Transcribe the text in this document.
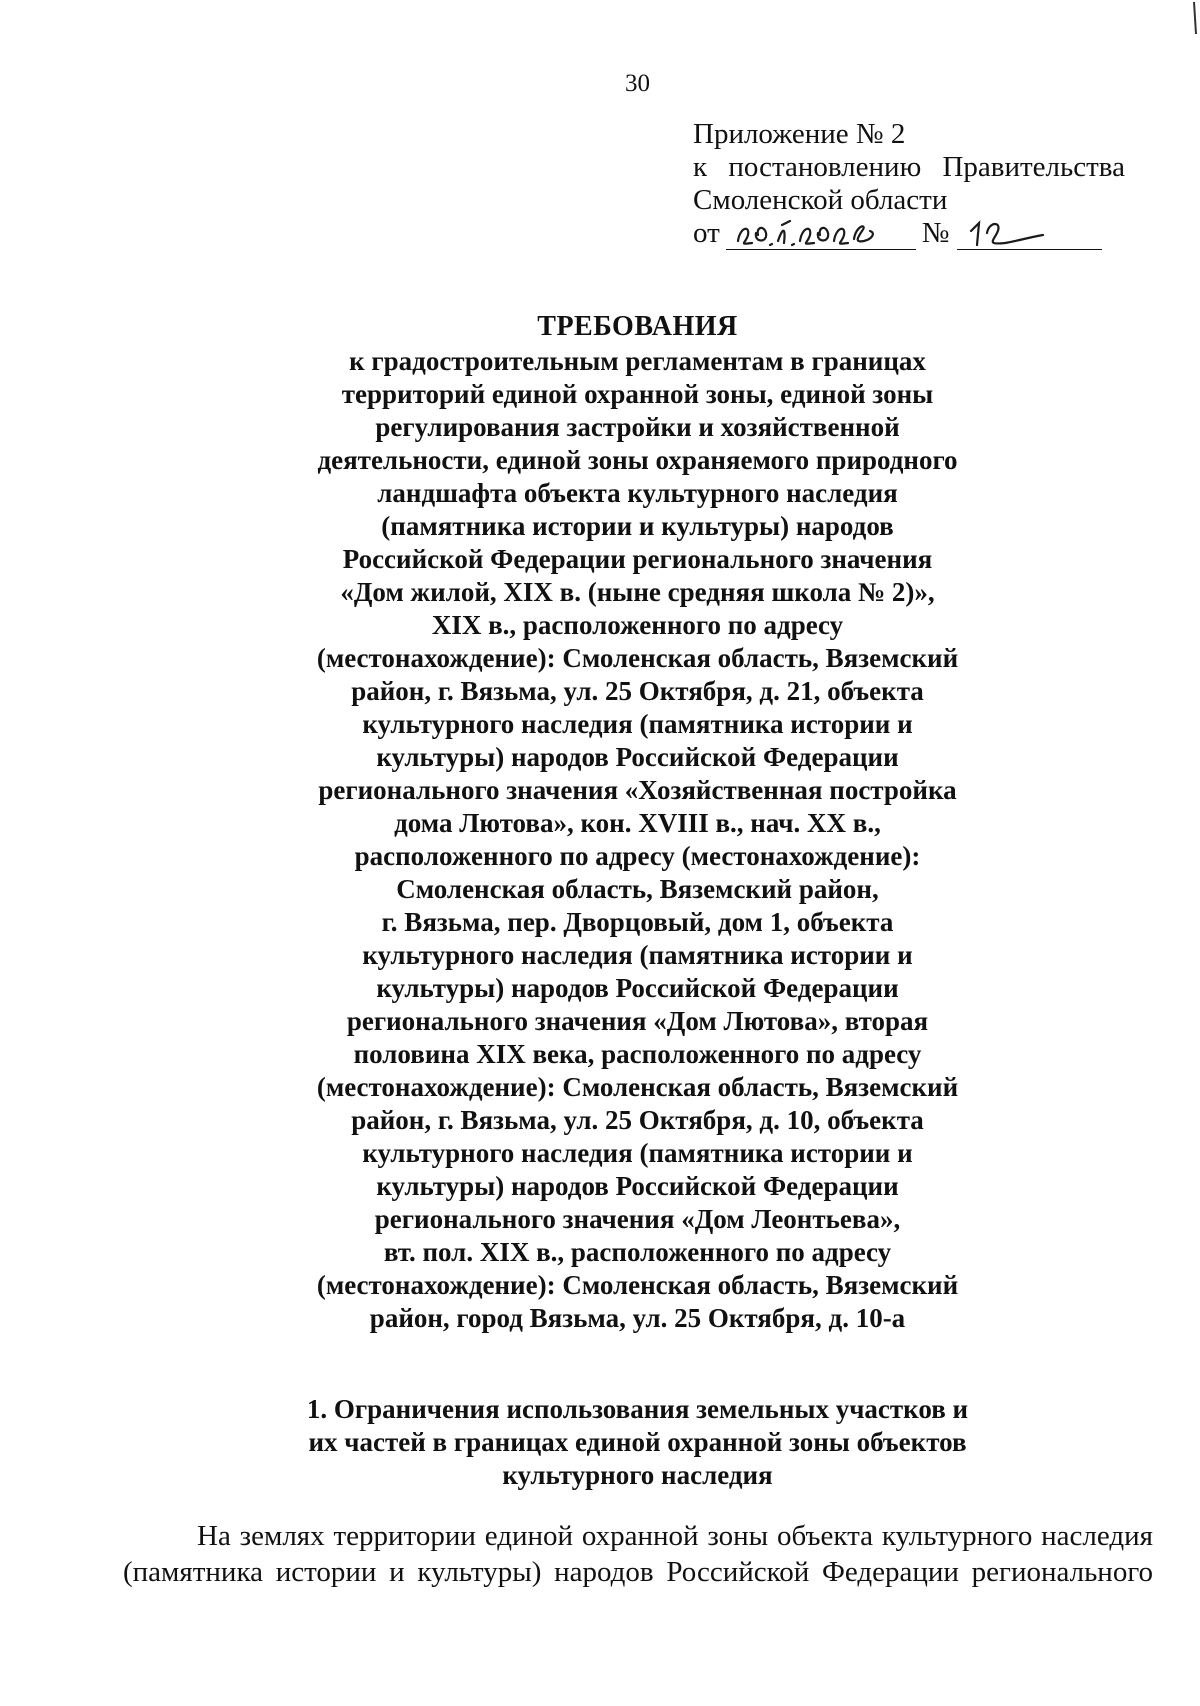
30
Приложение № 2
к постановлению Правительства
Смоленской области
от	№
ТРЕБОВАНИЯ
к градостроительным регламентам в границах
территорий единой охранной зоны, единой зоны
регулирования застройки и хозяйственной
деятельности, единой зоны охраняемого природного
ландшафта объекта культурного наследия
(памятника истории и культуры) народов
Российской Федерации регионального значения
«Дом жилой, XIX в. (ныне средняя школа № 2)»,
XIX в., расположенного по адресу
(местонахождение): Смоленская область, Вяземский
район, г. Вязьма, ул. 25 Октября, д. 21, объекта
культурного наследия (памятника истории и
культуры) народов Российской Федерации
регионального значения «Хозяйственная постройка
дома Лютова», кон. XVIII в., нач. XX в.,
расположенного по адресу (местонахождение):
Смоленская область, Вяземский район,
г. Вязьма, пер. Дворцовый, дом 1, объекта
культурного наследия (памятника истории и
культуры) народов Российской Федерации
регионального значения «Дом Лютова», вторая
половина XIX века, расположенного по адресу
(местонахождение): Смоленская область, Вяземский
район, г. Вязьма, ул. 25 Октября, д. 10, объекта
культурного наследия (памятника истории и
культуры) народов Российской Федерации
регионального значения «Дом Леонтьева»,
вт. пол. XIX в., расположенного по адресу
(местонахождение): Смоленская область, Вяземский
район, город Вязьма, ул. 25 Октября, д. 10-а
1. Ограничения использования земельных участков и
их частей в границах единой охранной зоны объектов
культурного наследия
На землях территории единой охранной зоны объекта культурного наследия
(памятника истории и культуры) народов Российской Федерации регионального
